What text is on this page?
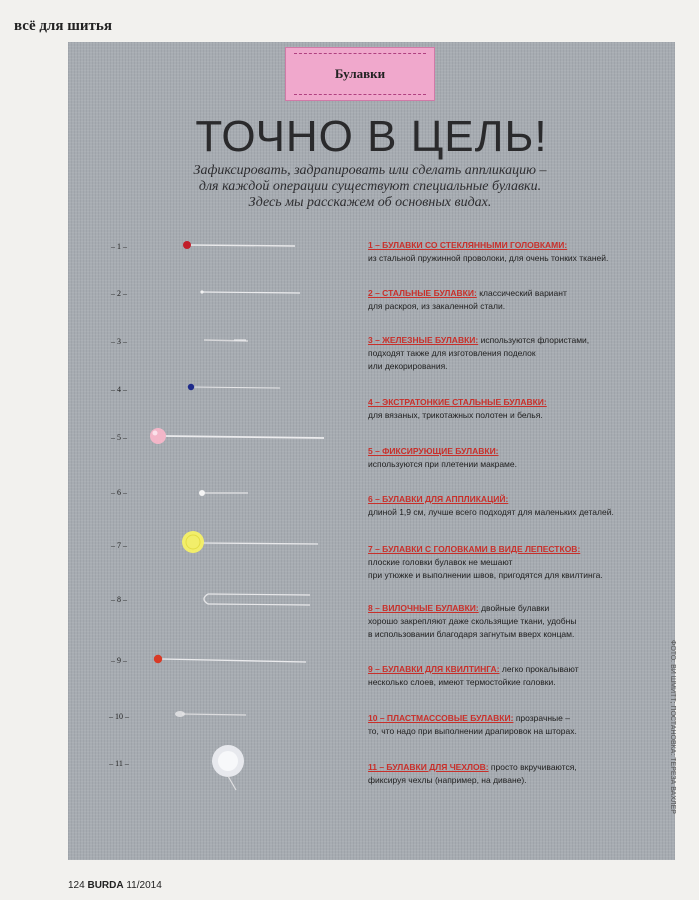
всё для шитья
Булавки
ТОЧНО В ЦЕЛЬ!
Зафиксировать, задрапировать или сделать аппликацию –
для каждой операции существуют специальные булавки.
Здесь мы расскажем об основных видах.
– 1 –
– 2 –
– 3 –
– 4 –
– 5 –
– 6 –
– 7 –
– 8 –
– 9 –
– 10 –
– 11 –
1 – БУЛАВКИ СО СТЕКЛЯННЫМИ ГОЛОВКАМИ:
из стальной пружинной проволоки, для очень тонких тканей.
2 – СТАЛЬНЫЕ БУЛАВКИ: классический вариант
для раскроя, из закаленной стали.
3 – ЖЕЛЕЗНЫЕ БУЛАВКИ: используются флористами,
подходят также для изготовления поделок
или декорирования.
4 – ЭКСТРАТОНКИЕ СТАЛЬНЫЕ БУЛАВКИ:
для вязаных, трикотажных полотен и белья.
5 – ФИКСИРУЮЩИЕ БУЛАВКИ:
используются при плетении макраме.
6 – БУЛАВКИ ДЛЯ АППЛИКАЦИЙ:
длиной 1,9 см, лучше всего подходят для маленьких деталей.
7 – БУЛАВКИ С ГОЛОВКАМИ В ВИДЕ ЛЕПЕСТКОВ:
плоские головки булавок не мешают
при утюжке и выполнении швов, пригодятся для квилтинга.
8 – ВИЛОЧНЫЕ БУЛАВКИ: двойные булавки
хорошо закрепляют даже скользящие ткани, удобны
в использовании благодаря загнутым вверх концам.
9 – БУЛАВКИ ДЛЯ КВИЛТИНГА: легко прокалывают
несколько слоев, имеют термостойкие головки.
10 – ПЛАСТМАССОВЫЕ БУЛАВКИ: прозрачные –
то, что надо при выполнении драпировок на шторах.
11 – БУЛАВКИ ДЛЯ ЧЕХЛОВ: просто вкручиваются,
фиксируя чехлы (например, на диване).
124 BURDA 11/2014
ФОТО: ВИ ШМИТТ; ПОСТАНОВКА: ТЕРЕЗА ВАХЛЕР
